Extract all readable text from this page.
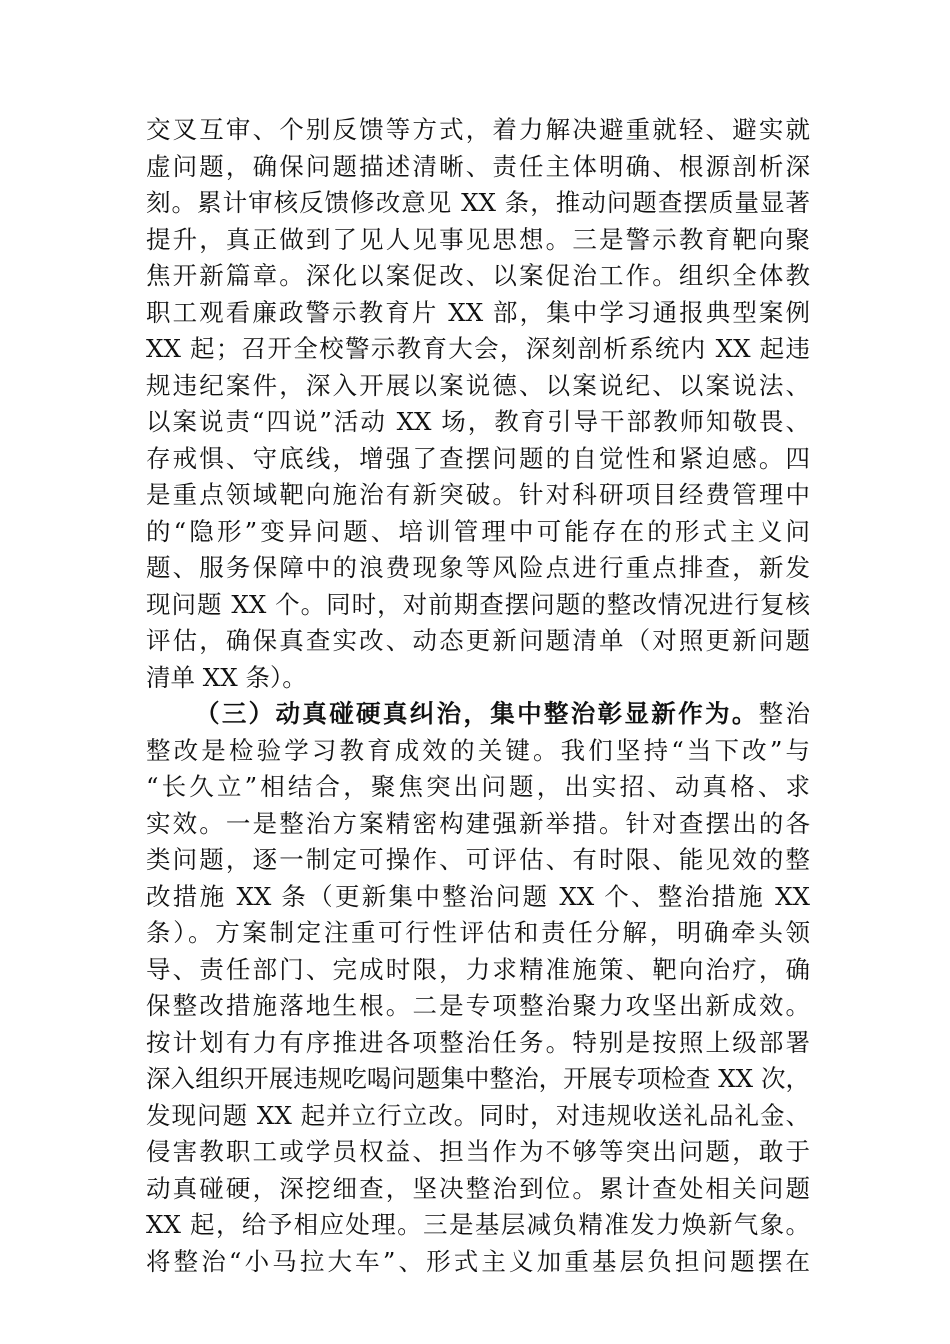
交叉互审、个别反馈等方式，着力解决避重就轻、避实就
虚问题，确保问题描述清晰、责任主体明确、根源剖析深
刻。累计审核反馈修改意见 XX 条，推动问题查摆质量显著
提升，真正做到了见人见事见思想。三是警示教育靶向聚
焦开新篇章。深化以案促改、以案促治工作。组织全体教
职工观看廉政警示教育片 XX 部，集中学习通报典型案例
XX 起；召开全校警示教育大会，深刻剖析系统内 XX 起违
规违纪案件，深入开展以案说德、以案说纪、以案说法、
以案说责“四说”活动 XX 场，教育引导干部教师知敬畏、
存戒惧、守底线，增强了查摆问题的自觉性和紧迫感。四
是重点领域靶向施治有新突破。针对科研项目经费管理中
的“隐形”变异问题、培训管理中可能存在的形式主义问
题、服务保障中的浪费现象等风险点进行重点排查，新发
现问题 XX 个。同时，对前期查摆问题的整改情况进行复核
评估，确保真查实改、动态更新问题清单（对照更新问题
清单 XX 条）。
（三）动真碰硬真纠治，集中整治彰显新作为。整治
整改是检验学习教育成效的关键。我们坚持“当下改”与
“长久立”相结合，聚焦突出问题，出实招、动真格、求
实效。一是整治方案精密构建强新举措。针对查摆出的各
类问题，逐一制定可操作、可评估、有时限、能见效的整
改措施 XX 条（更新集中整治问题 XX 个、整治措施 XX
条）。方案制定注重可行性评估和责任分解，明确牵头领
导、责任部门、完成时限，力求精准施策、靶向治疗，确
保整改措施落地生根。二是专项整治聚力攻坚出新成效。
按计划有力有序推进各项整治任务。特别是按照上级部署
深入组织开展违规吃喝问题集中整治，开展专项检查 XX 次，
发现问题 XX 起并立行立改。同时，对违规收送礼品礼金、
侵害教职工或学员权益、担当作为不够等突出问题，敢于
动真碰硬，深挖细查，坚决整治到位。累计查处相关问题
XX 起，给予相应处理。三是基层减负精准发力焕新气象。
将整治“小马拉大车”、形式主义加重基层负担问题摆在
